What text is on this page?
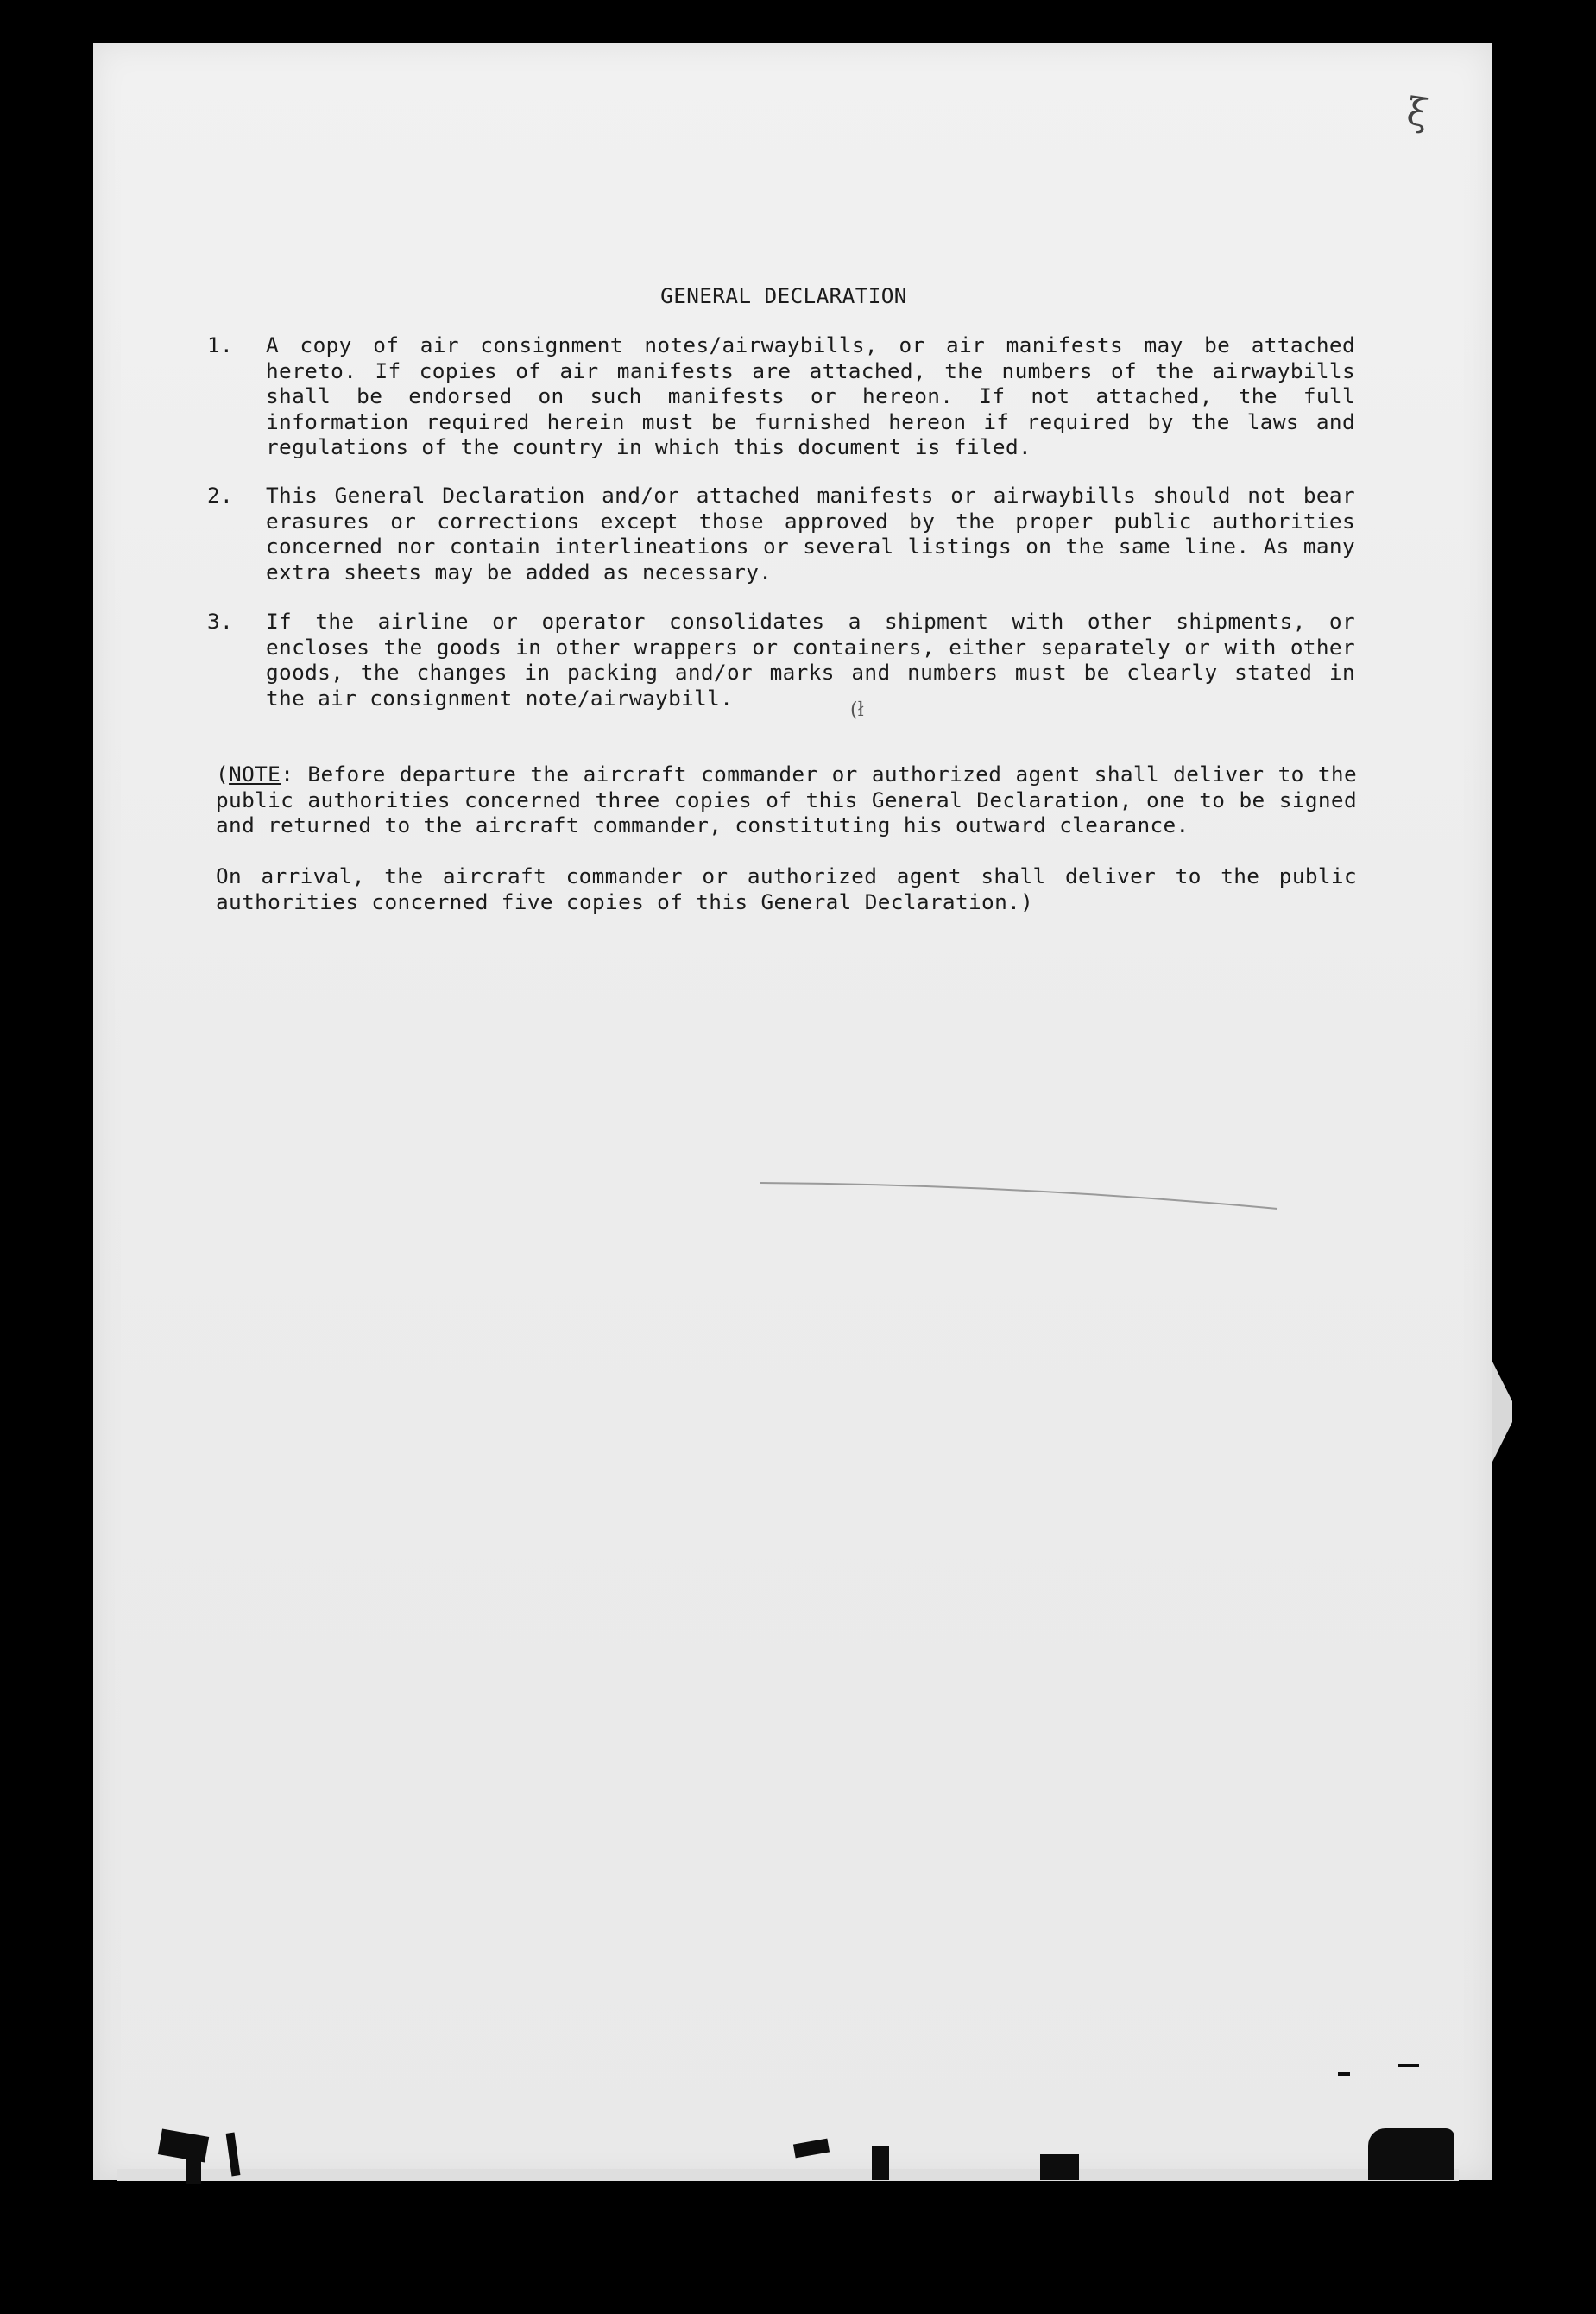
ξ
GENERAL DECLARATION
1.	A copy of air consignment notes/airwaybills, or air manifests may be attached hereto. If copies of air manifests are attached, the numbers of the airwaybills shall be endorsed on such manifests or hereon. If not attached, the full information required herein must be furnished hereon if required by the laws and regulations of the country in which this document is filed.
2.	This General Declaration and/or attached manifests or airwaybills should not bear erasures or corrections except those approved by the proper public authorities concerned nor contain interlineations or several listings on the same line. As many extra sheets may be added as necessary.
3.	If the airline or operator consolidates a shipment with other shipments, or encloses the goods in other wrappers or containers, either separately or with other goods, the changes in packing and/or marks and numbers must be clearly stated in the air consignment note/airwaybill.	(ł
(NOTE: Before departure the aircraft commander or authorized agent shall deliver to the public authorities concerned three copies of this General Declaration, one to be signed and returned to the aircraft commander, constituting his outward clearance.
On arrival, the aircraft commander or authorized agent shall deliver to the public authorities concerned five copies of this General Declaration.)
